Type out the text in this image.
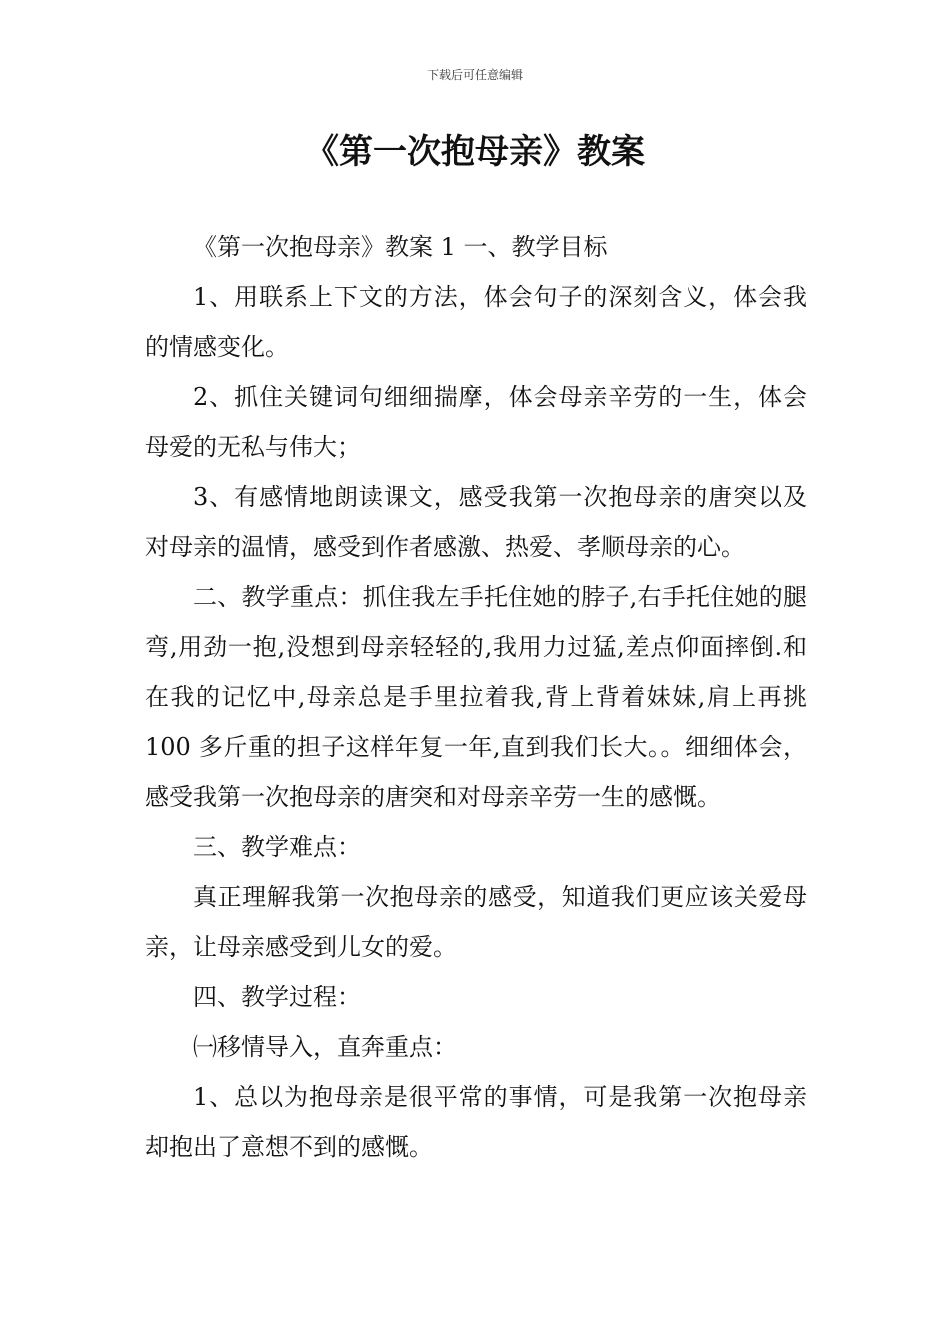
下载后可任意编辑
《第一次抱母亲》教案

《第一次抱母亲》教案 1 一、教学目标

1、用联系上下文的方法，体会句子的深刻含义，体会我的情感变化。

2、抓住关键词句细细揣摩，体会母亲辛劳的一生，体会母爱的无私与伟大；

3、有感情地朗读课文，感受我第一次抱母亲的唐突以及对母亲的温情，感受到作者感激、热爱、孝顺母亲的心。

二、教学重点：抓住我左手托住她的脖子,右手托住她的腿弯,用劲一抱,没想到母亲轻轻的,我用力过猛,差点仰面摔倒.和在我的记忆中,母亲总是手里拉着我,背上背着妹妹,肩上再挑 100 多斤重的担子这样年复一年,直到我们长大。。细细体会，感受我第一次抱母亲的唐突和对母亲辛劳一生的感慨。

三、教学难点：

真正理解我第一次抱母亲的感受，知道我们更应该关爱母亲，让母亲感受到儿女的爱。

四、教学过程：

㈠移情导入，直奔重点：

1、总以为抱母亲是很平常的事情，可是我第一次抱母亲却抱出了意想不到的感慨。
